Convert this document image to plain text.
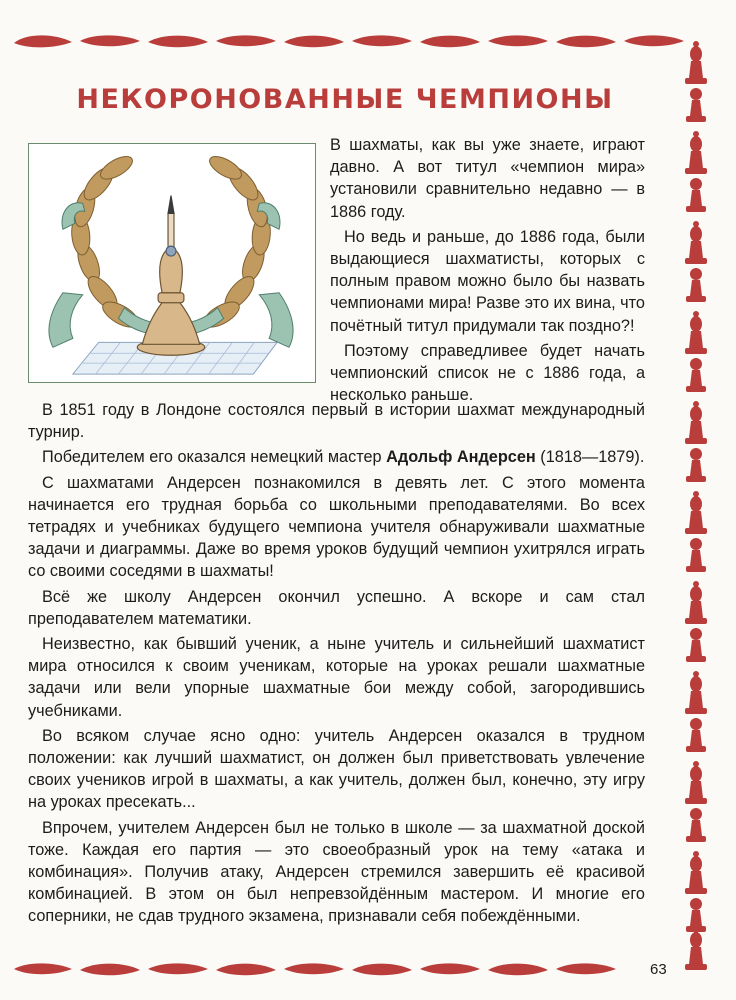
НЕКОРОНОВАННЫЕ ЧЕМПИОНЫ

В шахматы, как вы уже знаете, играют давно. А вот титул «чемпион мира» установили сравнительно недавно — в 1886 году.

Но ведь и раньше, до 1886 года, были выдающиеся шахматисты, которых с полным правом можно было бы назвать чемпионами мира! Разве это их вина, что почётный титул придумали так поздно?!

Поэтому справедливее будет начать чемпионский список не с 1886 года, а несколько раньше.

В 1851 году в Лондоне состоялся первый в истории шахмат международный турнир.

Победителем его оказался немецкий мастер Адольф Андерсен (1818—1879).

С шахматами Андерсен познакомился в девять лет. С этого момента начинается его трудная борьба со школьными преподавателями. Во всех тетрадях и учебниках будущего чемпиона учителя обнаруживали шахматные задачи и диаграммы. Даже во время уроков будущий чемпион ухитрялся играть со своими соседями в шахматы!

Всё же школу Андерсен окончил успешно. А вскоре и сам стал преподавателем математики.

Неизвестно, как бывший ученик, а ныне учитель и сильнейший шахматист мира относился к своим ученикам, которые на уроках решали шахматные задачи или вели упорные шахматные бои между собой, загородившись учебниками.

Во всяком случае ясно одно: учитель Андерсен оказался в трудном положении: как лучший шахматист, он должен был приветствовать увлечение своих учеников игрой в шахматы, а как учитель, должен был, конечно, эту игру на уроках пресекать...

Впрочем, учителем Андерсен был не только в школе — за шахматной доской тоже. Каждая его партия — это своеобразный урок на тему «атака и комбинация». Получив атаку, Андерсен стремился завершить её красивой комбинацией. В этом он был непревзойдённым мастером. И многие его соперники, не сдав трудного экзамена, признавали себя побеждёнными.

63
